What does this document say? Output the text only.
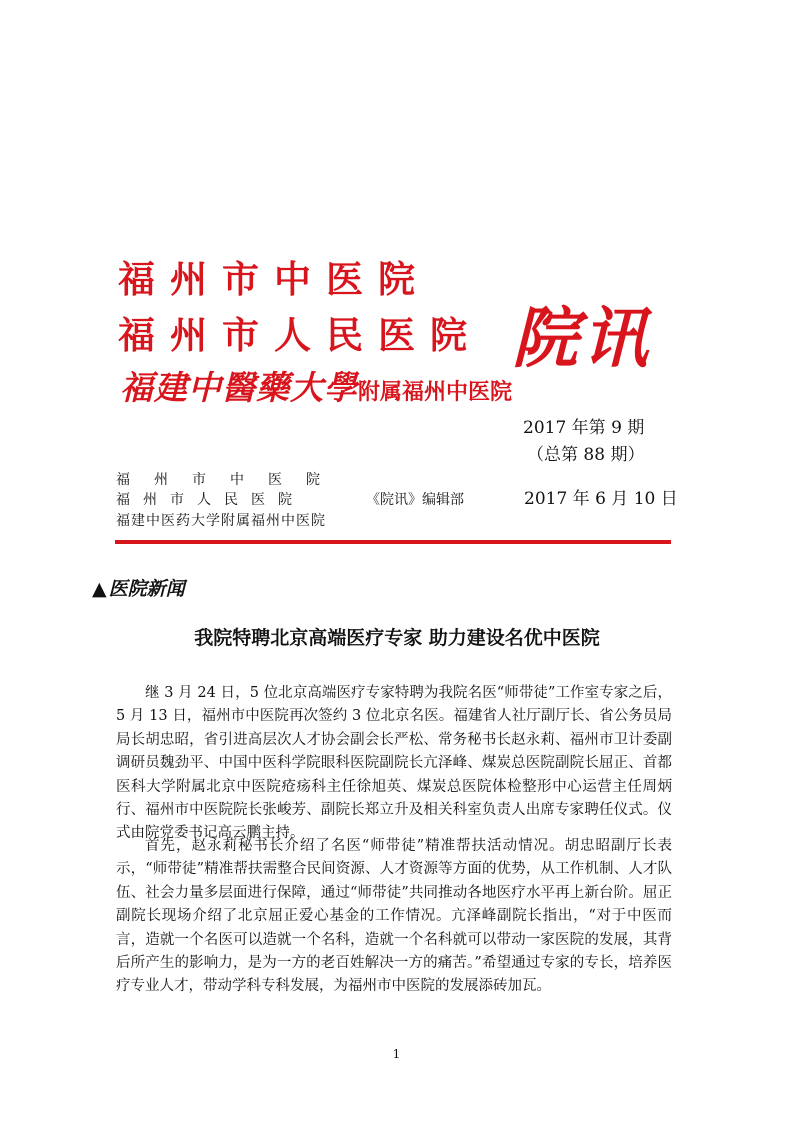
福州市中医院
福州市人民医院
福建中醫藥大學附属福州中医院
院讯
2017 年第 9 期
（总第 88 期）
福州市中医院
福州市人民医院
福建中医药大学附属福州中医院
《院讯》编辑部	2017 年 6 月 10 日
▲ 医院新闻
我院特聘北京高端医疗专家 助力建设名优中医院

继 3 月 24 日，5 位北京高端医疗专家特聘为我院名医“师带徒”工作室专家之后，5 月 13 日，福州市中医院再次签约 3 位北京名医。福建省人社厅副厅长、省公务员局局长胡忠昭，省引进高层次人才协会副会长严松、常务秘书长赵永莉、福州市卫计委副调研员魏劲平、中国中医科学院眼科医院副院长亢泽峰、煤炭总医院副院长屈正、首都医科大学附属北京中医院疮疡科主任徐旭英、煤炭总医院体检整形中心运营主任周炳行、福州市中医院院长张峻芳、副院长郑立升及相关科室负责人出席专家聘任仪式。仪式由院党委书记高云鹏主持。

首先，赵永莉秘书长介绍了名医“师带徒”精准帮扶活动情况。胡忠昭副厅长表示，“师带徒”精准帮扶需整合民间资源、人才资源等方面的优势，从工作机制、人才队伍、社会力量多层面进行保障，通过“师带徒”共同推动各地医疗水平再上新台阶。屈正副院长现场介绍了北京屈正爱心基金的工作情况。亢泽峰副院长指出，“对于中医而言，造就一个名医可以造就一个名科，造就一个名科就可以带动一家医院的发展，其背后所产生的影响力，是为一方的老百姓解决一方的痛苦。”希望通过专家的专长，培养医疗专业人才，带动学科专科发展，为福州市中医院的发展添砖加瓦。

1
